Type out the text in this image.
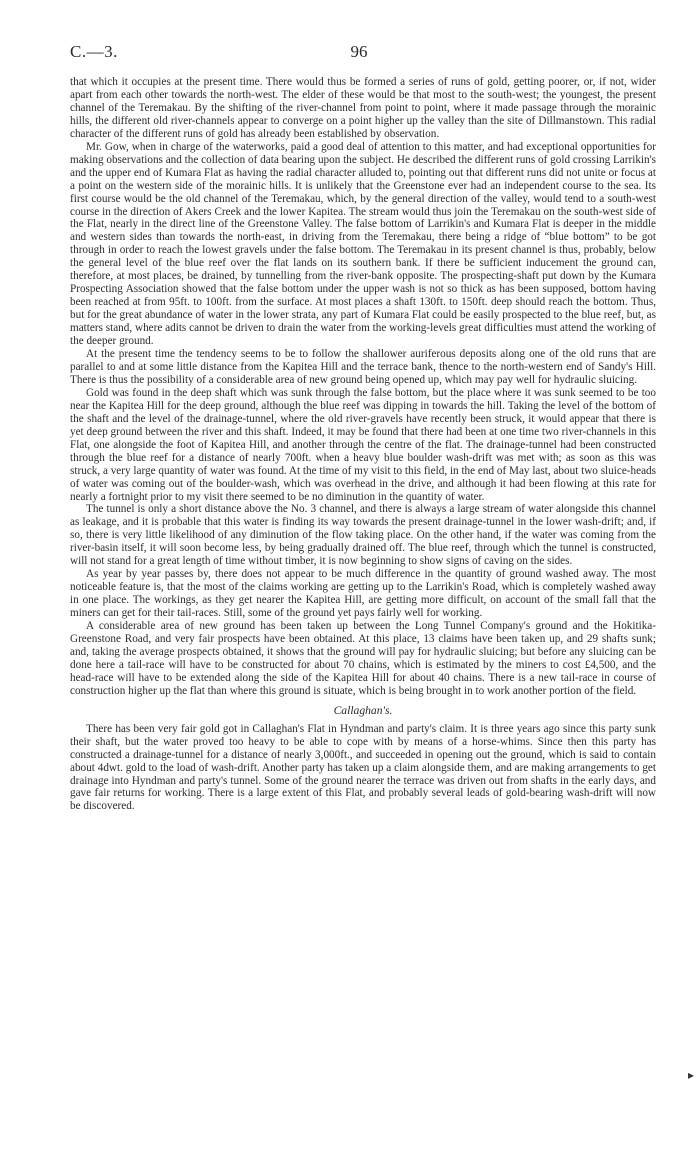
C.—3.	96

that which it occupies at the present time. There would thus be formed a series of runs of gold, getting poorer, or, if not, wider apart from each other towards the north-west. The elder of these would be that most to the south-west; the youngest, the present channel of the Teremakau. By the shifting of the river-channel from point to point, where it made passage through the morainic hills, the different old river-channels appear to converge on a point higher up the valley than the site of Dillmanstown. This radial character of the different runs of gold has already been established by observation.

Mr. Gow, when in charge of the waterworks, paid a good deal of attention to this matter, and had exceptional opportunities for making observations and the collection of data bearing upon the subject. He described the different runs of gold crossing Larrikin's and the upper end of Kumara Flat as having the radial character alluded to, pointing out that different runs did not unite or focus at a point on the western side of the morainic hills. It is unlikely that the Greenstone ever had an independent course to the sea. Its first course would be the old channel of the Teremakau, which, by the general direction of the valley, would tend to a south-west course in the direction of Akers Creek and the lower Kapitea. The stream would thus join the Teremakau on the south-west side of the Flat, nearly in the direct line of the Greenstone Valley. The false bottom of Larrikin's and Kumara Flat is deeper in the middle and western sides than towards the north-east, in driving from the Teremakau, there being a ridge of “blue bottom” to be got through in order to reach the lowest gravels under the false bottom. The Teremakau in its present channel is thus, probably, below the general level of the blue reef over the flat lands on its southern bank. If there be sufficient inducement the ground can, therefore, at most places, be drained, by tunnelling from the river-bank opposite. The prospecting-shaft put down by the Kumara Prospecting Association showed that the false bottom under the upper wash is not so thick as has been supposed, bottom having been reached at from 95ft. to 100ft. from the surface. At most places a shaft 130ft. to 150ft. deep should reach the bottom. Thus, but for the great abundance of water in the lower strata, any part of Kumara Flat could be easily prospected to the blue reef, but, as matters stand, where adits cannot be driven to drain the water from the working-levels great difficulties must attend the working of the deeper ground.

At the present time the tendency seems to be to follow the shallower auriferous deposits along one of the old runs that are parallel to and at some little distance from the Kapitea Hill and the terrace bank, thence to the north-western end of Sandy's Hill. There is thus the possibility of a considerable area of new ground being opened up, which may pay well for hydraulic sluicing.

Gold was found in the deep shaft which was sunk through the false bottom, but the place where it was sunk seemed to be too near the Kapitea Hill for the deep ground, although the blue reef was dipping in towards the hill. Taking the level of the bottom of the shaft and the level of the drainage-tunnel, where the old river-gravels have recently been struck, it would appear that there is yet deep ground between the river and this shaft. Indeed, it may be found that there had been at one time two river-channels in this Flat, one alongside the foot of Kapitea Hill, and another through the centre of the flat. The drainage-tunnel had been constructed through the blue reef for a distance of nearly 700ft. when a heavy blue boulder wash-drift was met with; as soon as this was struck, a very large quantity of water was found. At the time of my visit to this field, in the end of May last, about two sluice-heads of water was coming out of the boulder-wash, which was overhead in the drive, and although it had been flowing at this rate for nearly a fortnight prior to my visit there seemed to be no diminution in the quantity of water.

The tunnel is only a short distance above the No. 3 channel, and there is always a large stream of water alongside this channel as leakage, and it is probable that this water is finding its way towards the present drainage-tunnel in the lower wash-drift; and, if so, there is very little likelihood of any diminution of the flow taking place. On the other hand, if the water was coming from the river-basin itself, it will soon become less, by being gradually drained off. The blue reef, through which the tunnel is constructed, will not stand for a great length of time without timber, it is now beginning to show signs of caving on the sides.

As year by year passes by, there does not appear to be much difference in the quantity of ground washed away. The most noticeable feature is, that the most of the claims working are getting up to the Larrikin's Road, which is completely washed away in one place. The workings, as they get nearer the Kapitea Hill, are getting more difficult, on account of the small fall that the miners can get for their tail-races. Still, some of the ground yet pays fairly well for working.

A considerable area of new ground has been taken up between the Long Tunnel Company's ground and the Hokitika-Greenstone Road, and very fair prospects have been obtained. At this place, 13 claims have been taken up, and 29 shafts sunk; and, taking the average prospects obtained, it shows that the ground will pay for hydraulic sluicing; but before any sluicing can be done here a tail-race will have to be constructed for about 70 chains, which is estimated by the miners to cost £4,500, and the head-race will have to be extended along the side of the Kapitea Hill for about 40 chains. There is a new tail-race in course of construction higher up the flat than where this ground is situate, which is being brought in to work another portion of the field.

Callaghan's.

There has been very fair gold got in Callaghan's Flat in Hyndman and party's claim. It is three years ago since this party sunk their shaft, but the water proved too heavy to be able to cope with by means of a horse-whims. Since then this party has constructed a drainage-tunnel for a distance of nearly 3,000ft., and succeeded in opening out the ground, which is said to contain about 4dwt. gold to the load of wash-drift. Another party has taken up a claim alongside them, and are making arrangements to get drainage into Hyndman and party's tunnel. Some of the ground nearer the terrace was driven out from shafts in the early days, and gave fair returns for working. There is a large extent of this Flat, and probably several leads of gold-bearing wash-drift will now be discovered.

▸
